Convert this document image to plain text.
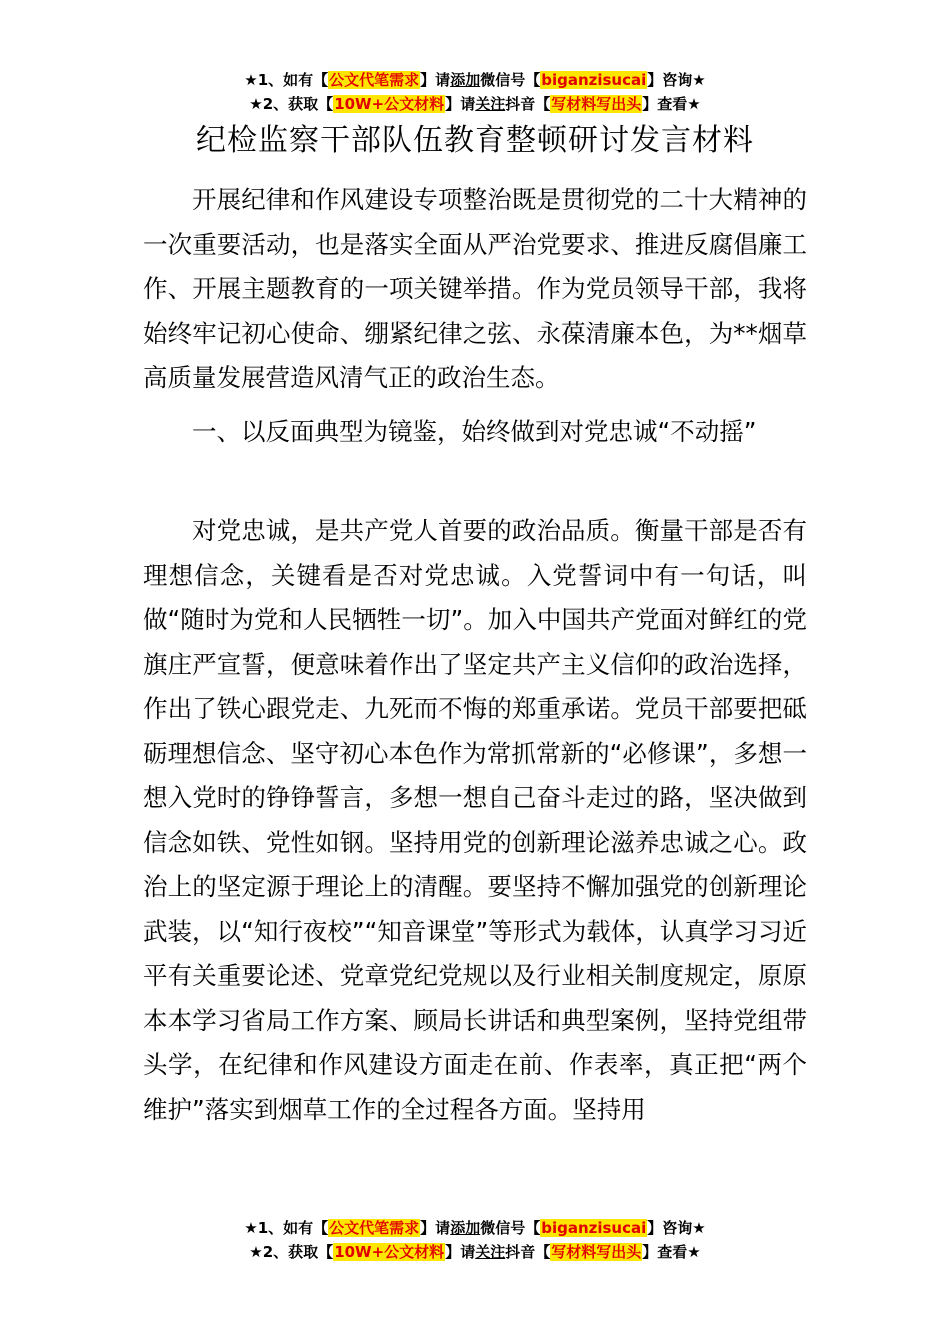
★1、如有【公文代笔需求】请添加微信号【biganzisucai】咨询★
★2、获取【10W+公文材料】请关注抖音【写材料写出头】查看★
纪检监察干部队伍教育整顿研讨发言材料

开展纪律和作风建设专项整治既是贯彻党的二十大精神的一次重要活动，也是落实全面从严治党要求、推进反腐倡廉工作、开展主题教育的一项关键举措。作为党员领导干部，我将始终牢记初心使命、绷紧纪律之弦、永葆清廉本色，为**烟草高质量发展营造风清气正的政治生态。

一、以反面典型为镜鉴，始终做到对党忠诚“不动摇”

对党忠诚，是共产党人首要的政治品质。衡量干部是否有理想信念，关键看是否对党忠诚。入党誓词中有一句话，叫做“随时为党和人民牺牲一切”。加入中国共产党面对鲜红的党旗庄严宣誓，便意味着作出了坚定共产主义信仰的政治选择，作出了铁心跟党走、九死而不悔的郑重承诺。党员干部要把砥砺理想信念、坚守初心本色作为常抓常新的“必修课”，多想一想入党时的铮铮誓言，多想一想自己奋斗走过的路，坚决做到信念如铁、党性如钢。坚持用党的创新理论滋养忠诚之心。政治上的坚定源于理论上的清醒。要坚持不懈加强党的创新理论武装，以“知行夜校”“知音课堂”等形式为载体，认真学习习近平有关重要论述、党章党纪党规以及行业相关制度规定，原原本本学习省局工作方案、顾局长讲话和典型案例，坚持党组带头学，在纪律和作风建设方面走在前、作表率，真正把“两个维护”落实到烟草工作的全过程各方面。坚持用

★1、如有【公文代笔需求】请添加微信号【biganzisucai】咨询★
★2、获取【10W+公文材料】请关注抖音【写材料写出头】查看★
